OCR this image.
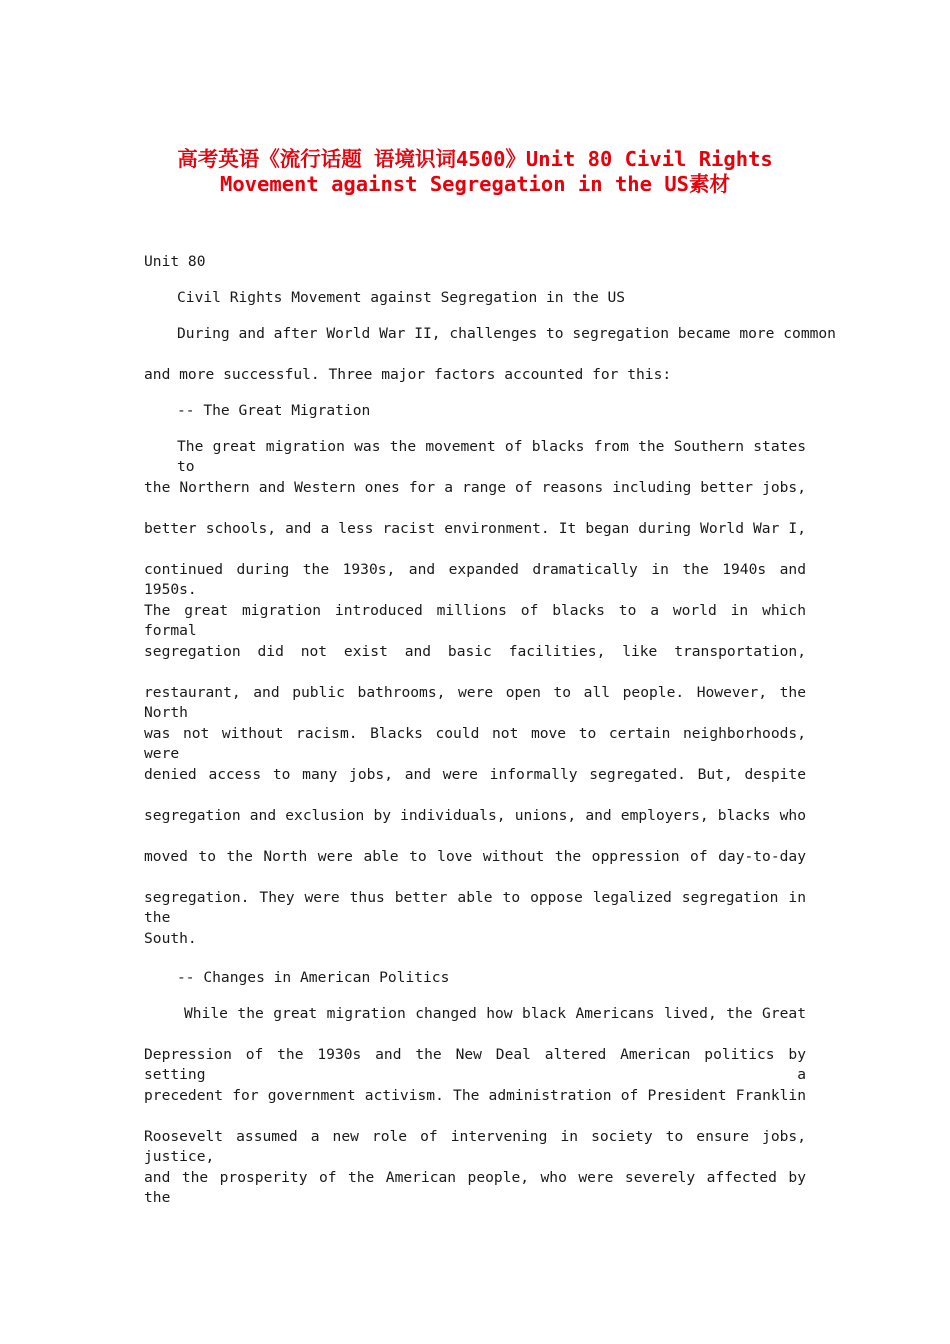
高考英语《流行话题 语境识词4500》Unit 80 Civil Rights
Movement against Segregation in the US素材
Unit 80
Civil Rights Movement against Segregation in the US
During and after World War II, challenges to segregation became more common
and more successful. Three major factors accounted for this:
-- The Great Migration
The great migration was the movement of blacks from the Southern states to
the Northern and Western ones for a range of reasons including better jobs,
better schools, and a less racist environment. It began during World War I,
continued during the 1930s, and expanded dramatically in the 1940s and 1950s.
The great migration introduced millions of blacks to a world in which formal
segregation did not exist and basic facilities, like transportation,
restaurant, and public bathrooms, were open to all people. However, the North
was not without racism. Blacks could not move to certain neighborhoods, were
denied access to many jobs, and were informally segregated. But, despite
segregation and exclusion by individuals, unions, and employers, blacks who
moved to the North were able to love without the oppression of day-to-day
segregation. They were thus better able to oppose legalized segregation in the
South.
-- Changes in American Politics
While the great migration changed how black Americans lived, the Great
Depression of the 1930s and the New Deal altered American politics by setting a
precedent for government activism. The administration of President Franklin
Roosevelt assumed a new role of intervening in society to ensure jobs, justice,
and the prosperity of the American people, who were severely affected by the
